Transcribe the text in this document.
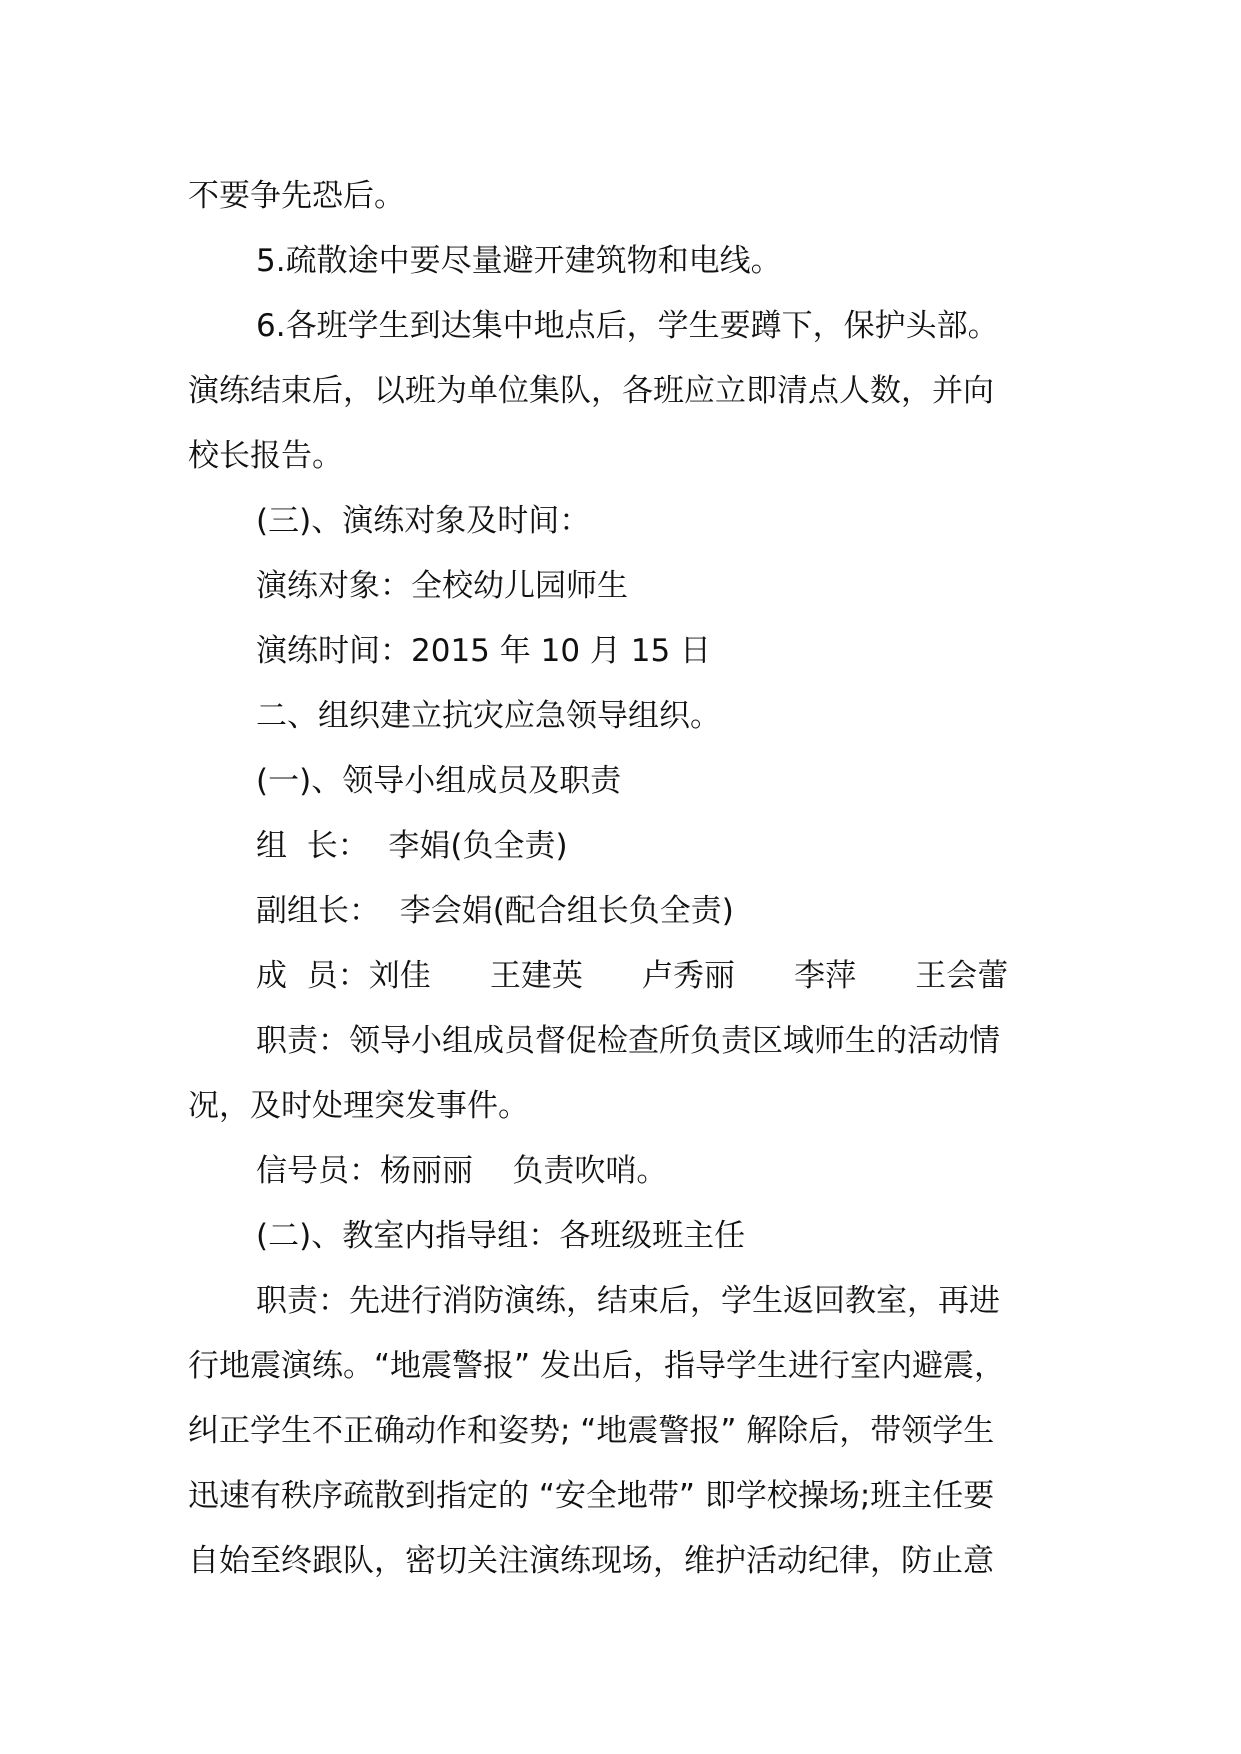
不要争先恐后。
5.疏散途中要尽量避开建筑物和电线。
6.各班学生到达集中地点后，学生要蹲下，保护头部。
演练结束后，以班为单位集队，各班应立即清点人数，并向
校长报告。
(三)、演练对象及时间：
演练对象：全校幼儿园师生
演练时间：2015 年 10 月 15 日
二、组织建立抗灾应急领导组织。
(一)、领导小组成员及职责
组  长：  李娟(负全责)
副组长：  李会娟(配合组长负全责)
成  员：刘佳      王建英      卢秀丽      李萍      王会蕾
职责：领导小组成员督促检查所负责区域师生的活动情
况，及时处理突发事件。
信号员：杨丽丽    负责吹哨。
(二)、教室内指导组：各班级班主任
职责：先进行消防演练，结束后，学生返回教室，再进
行地震演练。“地震警报” 发出后，指导学生进行室内避震，
纠正学生不正确动作和姿势; “地震警报” 解除后，带领学生
迅速有秩序疏散到指定的 “安全地带” 即学校操场;班主任要
自始至终跟队，密切关注演练现场，维护活动纪律，防止意
